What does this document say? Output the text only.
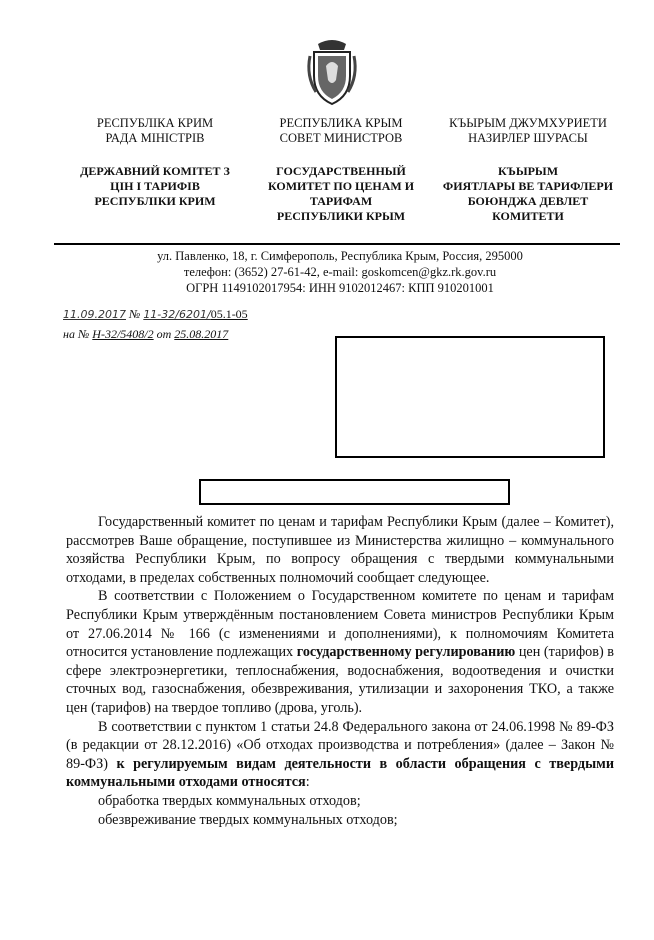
РЕСПУБЛІКА КРИМ
РАДА МІНІСТРІВ
ДЕРЖАВНИЙ КОМІТЕТ З
ЦІН І ТАРИФІВ
РЕСПУБЛІКИ КРИМ
РЕСПУБЛИКА КРЫМ
СОВЕТ МИНИСТРОВ
ГОСУДАРСТВЕННЫЙ
КОМИТЕТ ПО ЦЕНАМ И
ТАРИФАМ
РЕСПУБЛИКИ КРЫМ
КЪЫРЫМ ДЖУМХУРИЕТИ
НАЗИРЛЕР ШУРАСЫ
КЪЫРЫМ
ФИЯТЛАРЫ ВЕ ТАРИФЛЕРИ
БОЮНДЖА ДЕВЛЕТ
КОМИТЕТИ
ул. Павленко, 18, г. Симферополь, Республика Крым, Россия, 295000
телефон: (3652) 27-61-42, e-mail: goskomcen@gkz.rk.gov.ru
ОГРН 1149102017954: ИНН 9102012467: КПП 910201001
11.09.2017 № 11-32/6201/05.1-05
на № Н-32/5408/2 от 25.08.2017

Государственный комитет по ценам и тарифам Республики Крым (далее – Комитет), рассмотрев Ваше обращение, поступившее из Министерства жилищно – коммунального хозяйства Республики Крым, по вопросу обращения с твердыми коммунальными отходами, в пределах собственных полномочий сообщает следующее.

В соответствии с Положением о Государственном комитете по ценам и тарифам Республики Крым утверждённым постановлением Совета министров Республики Крым от 27.06.2014 № 166 (с изменениями и дополнениями), к полномочиям Комитета относится установление подлежащих государственному регулированию цен (тарифов) в сфере электроэнергетики, теплоснабжения, водоснабжения, водоотведения и очистки сточных вод, газоснабжения, обезвреживания, утилизации и захоронения ТКО, а также цен (тарифов) на твердое топливо (дрова, уголь).

В соответствии с пунктом 1 статьи 24.8 Федерального закона от 24.06.1998 № 89-ФЗ (в редакции от 28.12.2016) «Об отходах производства и потребления» (далее – Закон № 89-ФЗ) к регулируемым видам деятельности в области обращения с твердыми коммунальными отходами относятся:

обработка твердых коммунальных отходов;

обезвреживание твердых коммунальных отходов;
